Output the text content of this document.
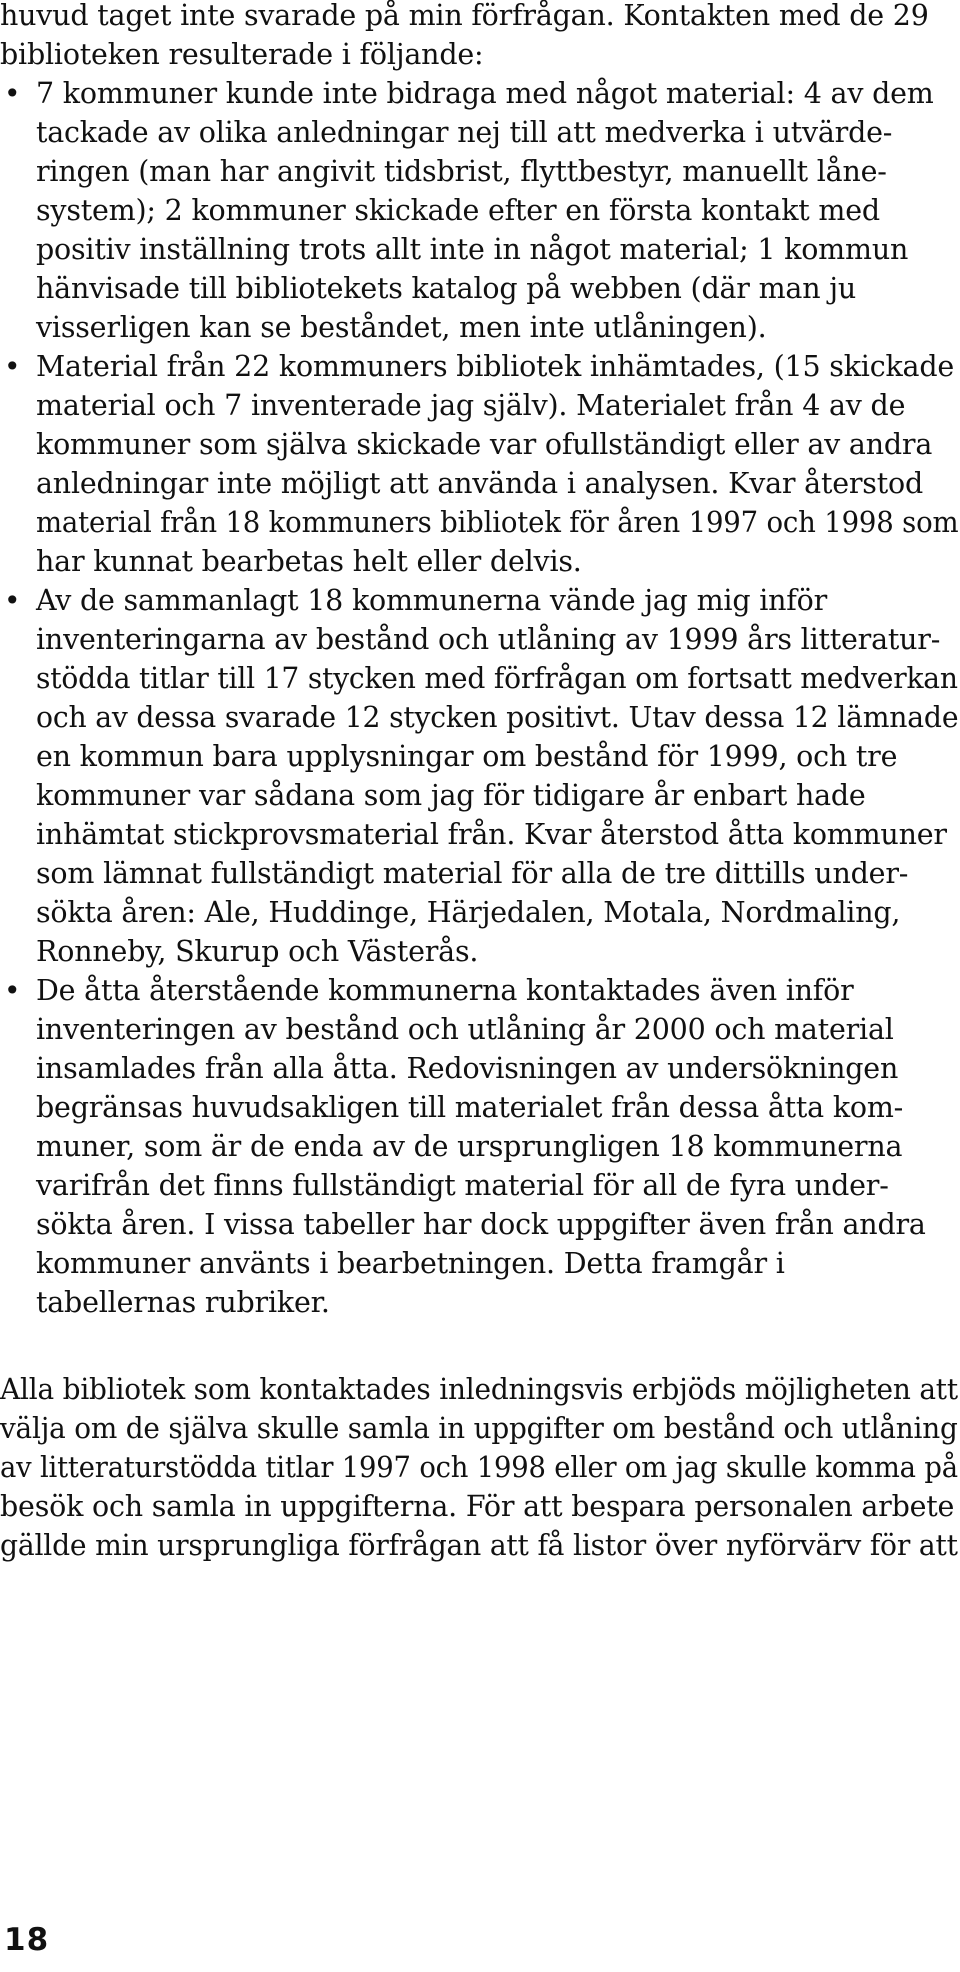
huvud taget inte svarade på min förfrågan. Kontakten med de 29
biblioteken resulterade i följande:
• 7 kommuner kunde inte bidraga med något material: 4 av dem
tackade av olika anledningar nej till att medverka i utvärde-
ringen (man har angivit tidsbrist, flyttbestyr, manuellt låne-
system); 2 kommuner skickade efter en första kontakt med
positiv inställning trots allt inte in något material; 1 kommun
hänvisade till bibliotekets katalog på webben (där man ju
visserligen kan se beståndet, men inte utlåningen).
• Material från 22 kommuners bibliotek inhämtades, (15 skickade
material och 7 inventerade jag själv). Materialet från 4 av de
kommuner som själva skickade var ofullständigt eller av andra
anledningar inte möjligt att använda i analysen. Kvar återstod
material från 18 kommuners bibliotek för åren 1997 och 1998 som
har kunnat bearbetas helt eller delvis.
• Av de sammanlagt 18 kommunerna vände jag mig inför
inventeringarna av bestånd och utlåning av 1999 års litteratur-
stödda titlar till 17 stycken med förfrågan om fortsatt medverkan
och av dessa svarade 12 stycken positivt. Utav dessa 12 lämnade
en kommun bara upplysningar om bestånd för 1999, och tre
kommuner var sådana som jag för tidigare år enbart hade
inhämtat stickprovsmaterial från. Kvar återstod åtta kommuner
som lämnat fullständigt material för alla de tre dittills under-
sökta åren: Ale, Huddinge, Härjedalen, Motala, Nordmaling,
Ronneby, Skurup och Västerås.
• De åtta återstående kommunerna kontaktades även inför
inventeringen av bestånd och utlåning år 2000 och material
insamlades från alla åtta. Redovisningen av undersökningen
begränsas huvudsakligen till materialet från dessa åtta kom-
muner, som är de enda av de ursprungligen 18 kommunerna
varifrån det finns fullständigt material för all de fyra under-
sökta åren. I vissa tabeller har dock uppgifter även från andra
kommuner använts i bearbetningen. Detta framgår i
tabellernas rubriker.
Alla bibliotek som kontaktades inledningsvis erbjöds möjligheten att
välja om de själva skulle samla in uppgifter om bestånd och utlåning
av litteraturstödda titlar 1997 och 1998 eller om jag skulle komma på
besök och samla in uppgifterna. För att bespara personalen arbete
gällde min ursprungliga förfrågan att få listor över nyförvärv för att
18
